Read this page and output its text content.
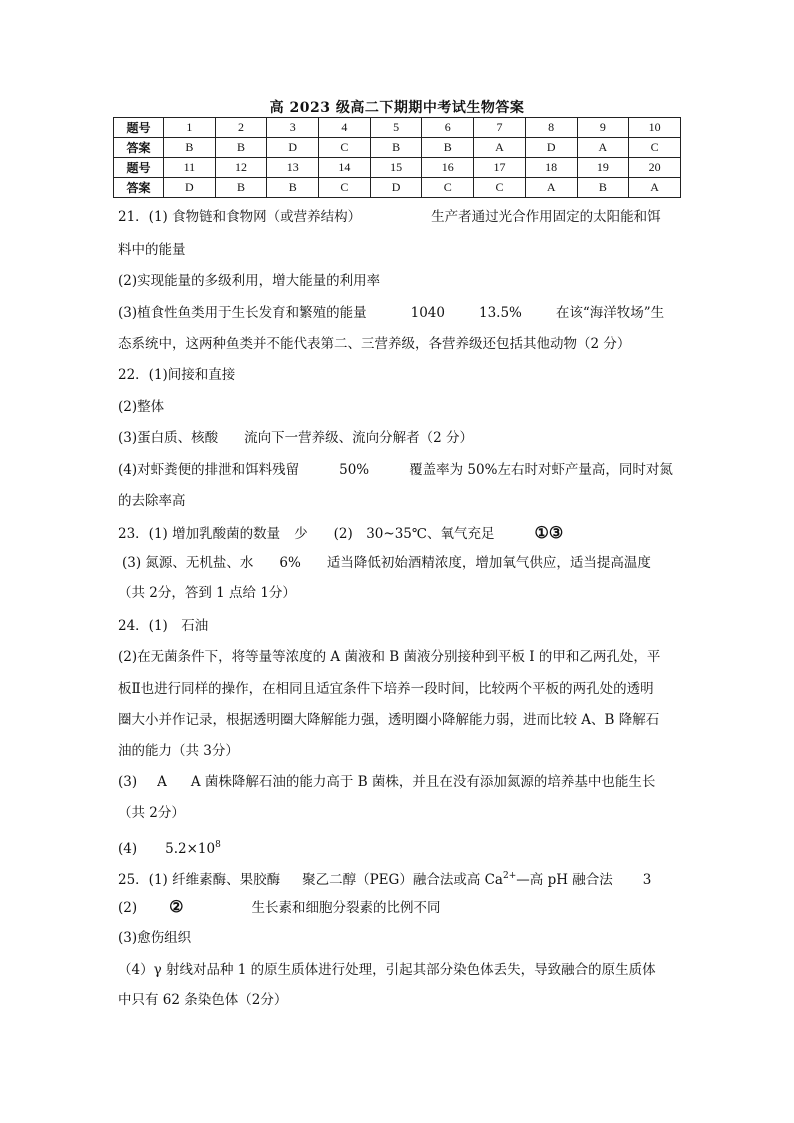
高 2023 级高二下期期中考试生物答案
题号	1	2	3	4	5	6	7	8	9	10
答案	B	B	D	C	B	B	A	D	A	C
题号	11	12	13	14	15	16	17	18	19	20
答案	D	B	B	C	D	C	C	A	B	A
21．(1) 食物链和食物网（或营养结构）	生产者通过光合作用固定的太阳能和饵
料中的能量
(2)实现能量的多级利用，增大能量的利用率
(3)植食性鱼类用于生长发育和繁殖的能量	1040	13.5%	在该“海洋牧场”生
态系统中，这两种鱼类并不能代表第二、三营养级，各营养级还包括其他动物（2 分）
22．(1)间接和直接
(2)整体
(3)蛋白质、核酸 流向下一营养级、流向分解者（2 分）
(4)对虾粪便的排泄和饵料残留	50%	覆盖率为 50%左右时对虾产量高，同时对氮
的去除率高
23．(1) 增加乳酸菌的数量 少 (2)　30~35℃、氧气充足	①③
(3) 氮源、无机盐、水 6% 适当降低初始酒精浓度，增加氧气供应，适当提高温度
（共 2分，答到 1 点给 1分）
24．(1)　石油
(2)在无菌条件下，将等量等浓度的 A 菌液和 B 菌液分别接种到平板 I 的甲和乙两孔处，平
板Ⅱ也进行同样的操作，在相同且适宜条件下培养一段时间，比较两个平板的两孔处的透明
圈大小并作记录，根据透明圈大降解能力强，透明圈小降解能力弱，进而比较 A、B 降解石
油的能力（共 3分）
(3) A A 菌株降解石油的能力高于 B 菌株，并且在没有添加氮源的培养基中也能生长
（共 2分）
(4) $5.2\times 10^8$
25．(1) 纤维素酶、果胶酶 聚乙二醇（PEG）融合法或高 $Ca^{2+}—$高 pH 融合法 3
(2) ②	生长素和细胞分裂素的比例不同
(3)愈伤组织
（4）γ 射线对品种 1 的原生质体进行处理，引起其部分染色体丢失，导致融合的原生质体
中只有 62 条染色体（2分）
